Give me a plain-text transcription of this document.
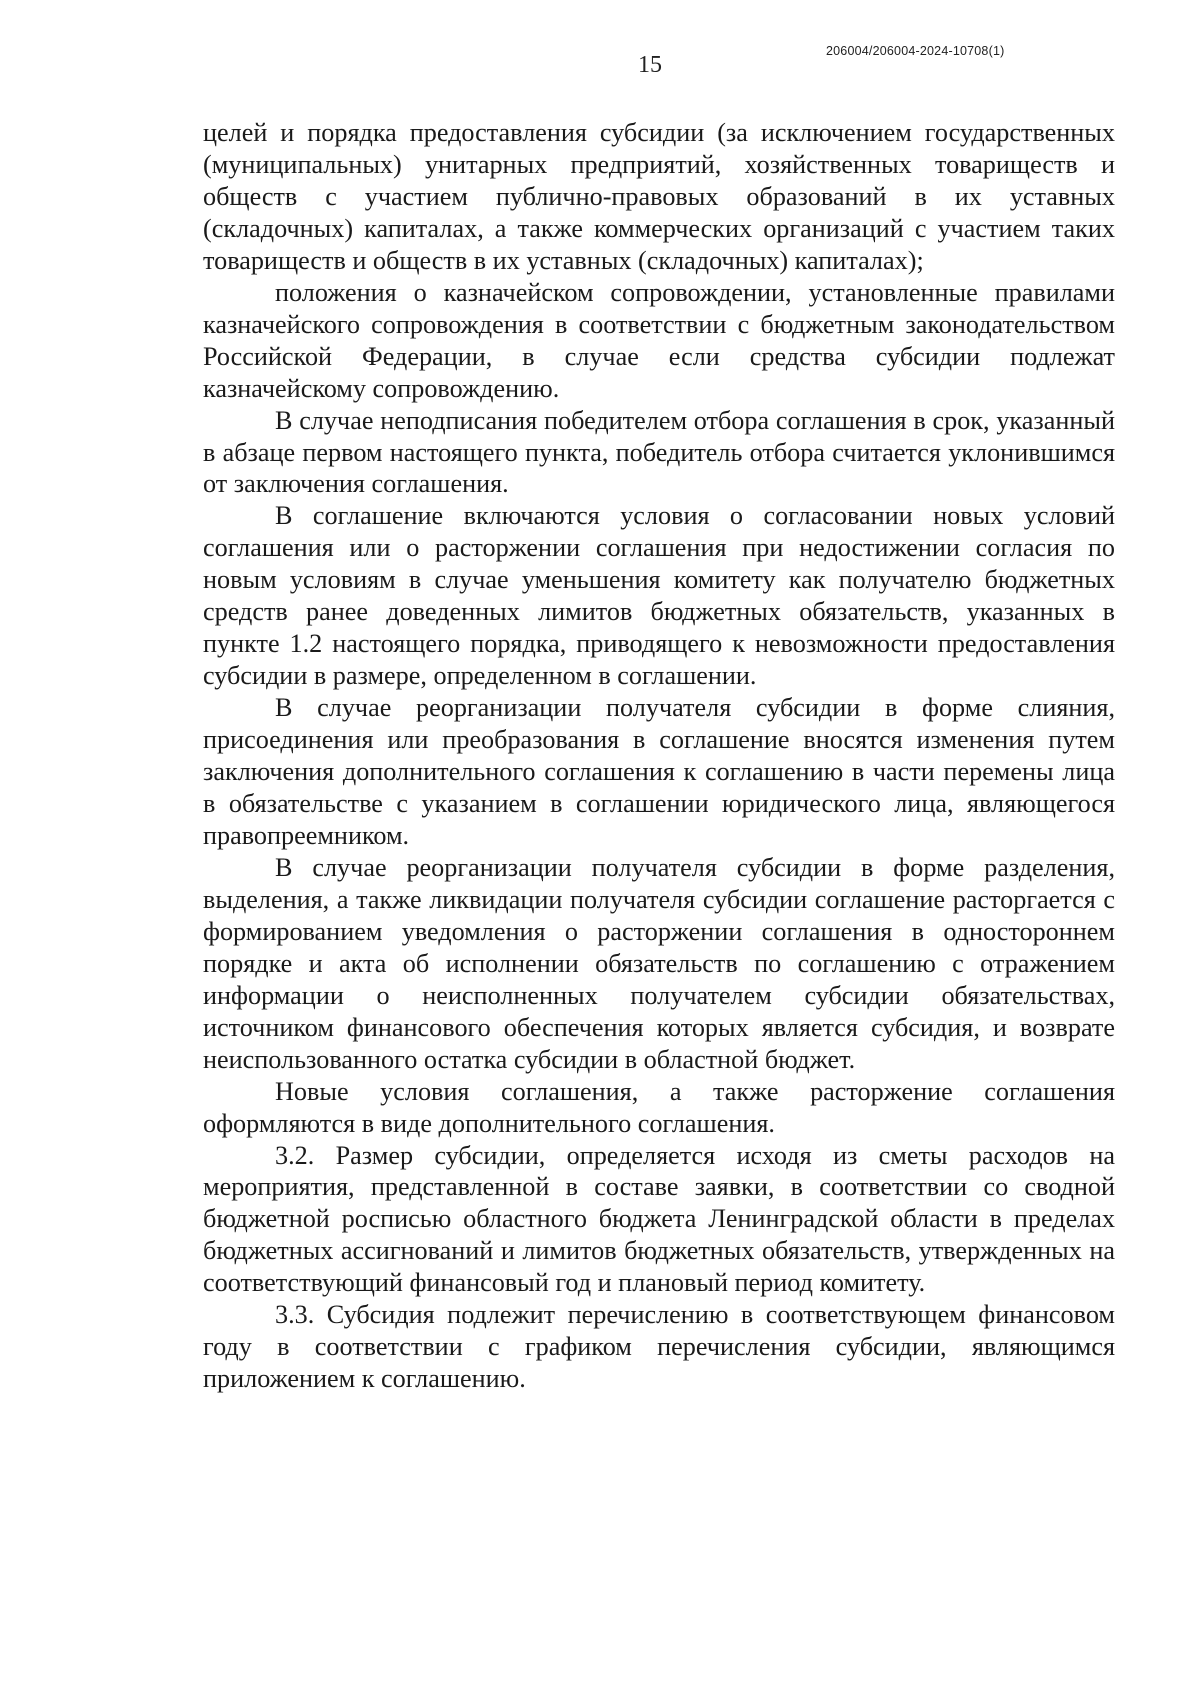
206004/206004-2024-10708(1)
15

целей и порядка предоставления субсидии (за исключением государственных (муниципальных) унитарных предприятий, хозяйственных товариществ и обществ с участием публично-правовых образований в их уставных (складочных) капиталах, а также коммерческих организаций с участием таких товариществ и обществ в их уставных (складочных) капиталах);

положения о казначейском сопровождении, установленные правилами казначейского сопровождения в соответствии с бюджетным законодательством Российской Федерации, в случае если средства субсидии подлежат казначейскому сопровождению.

В случае неподписания победителем отбора соглашения в срок, указанный в абзаце первом настоящего пункта, победитель отбора считается уклонившимся от заключения соглашения.

В соглашение включаются условия о согласовании новых условий соглашения или о расторжении соглашения при недостижении согласия по новым условиям в случае уменьшения комитету как получателю бюджетных средств ранее доведенных лимитов бюджетных обязательств, указанных в пункте 1.2 настоящего порядка, приводящего к невозможности предоставления субсидии в размере, определенном в соглашении.

В случае реорганизации получателя субсидии в форме слияния, присоединения или преобразования в соглашение вносятся изменения путем заключения дополнительного соглашения к соглашению в части перемены лица в обязательстве с указанием в соглашении юридического лица, являющегося правопреемником.

В случае реорганизации получателя субсидии в форме разделения, выделения, а также ликвидации получателя субсидии соглашение расторгается с формированием уведомления о расторжении соглашения в одностороннем порядке и акта об исполнении обязательств по соглашению с отражением информации о неисполненных получателем субсидии обязательствах, источником финансового обеспечения которых является субсидия, и возврате неиспользованного остатка субсидии в областной бюджет.

Новые условия соглашения, а также расторжение соглашения оформляются в виде дополнительного соглашения.

3.2. Размер субсидии, определяется исходя из сметы расходов на мероприятия, представленной в составе заявки, в соответствии со сводной бюджетной росписью областного бюджета Ленинградской области в пределах бюджетных ассигнований и лимитов бюджетных обязательств, утвержденных на соответствующий финансовый год и плановый период комитету.

3.3. Субсидия подлежит перечислению в соответствующем финансовом году в соответствии с графиком перечисления субсидии, являющимся приложением к соглашению.
